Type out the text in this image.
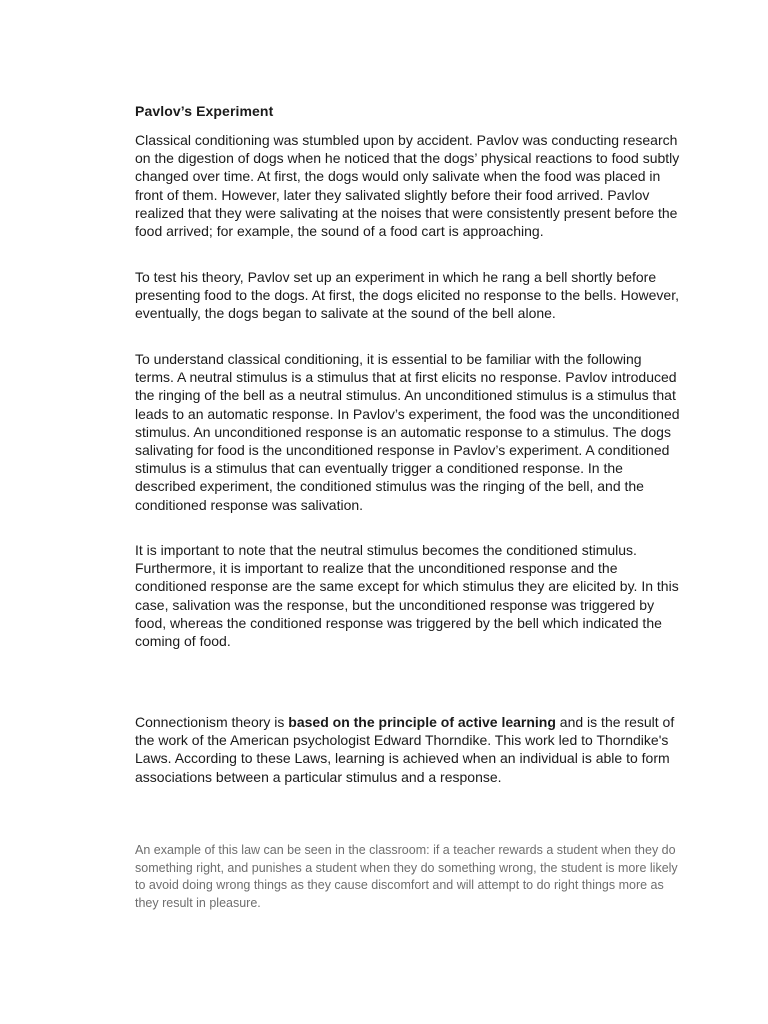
Pavlov’s Experiment

Classical conditioning was stumbled upon by accident. Pavlov was conducting research on the digestion of dogs when he noticed that the dogs’ physical reactions to food subtly changed over time. At first, the dogs would only salivate when the food was placed in front of them. However, later they salivated slightly before their food arrived. Pavlov realized that they were salivating at the noises that were consistently present before the food arrived; for example, the sound of a food cart is approaching.

To test his theory, Pavlov set up an experiment in which he rang a bell shortly before presenting food to the dogs. At first, the dogs elicited no response to the bells. However, eventually, the dogs began to salivate at the sound of the bell alone.

To understand classical conditioning, it is essential to be familiar with the following terms. A neutral stimulus is a stimulus that at first elicits no response. Pavlov introduced the ringing of the bell as a neutral stimulus. An unconditioned stimulus is a stimulus that leads to an automatic response. In Pavlov’s experiment, the food was the unconditioned stimulus. An unconditioned response is an automatic response to a stimulus. The dogs salivating for food is the unconditioned response in Pavlov’s experiment. A conditioned stimulus is a stimulus that can eventually trigger a conditioned response. In the described experiment, the conditioned stimulus was the ringing of the bell, and the conditioned response was salivation.

It is important to note that the neutral stimulus becomes the conditioned stimulus. Furthermore, it is important to realize that the unconditioned response and the conditioned response are the same except for which stimulus they are elicited by. In this case, salivation was the response, but the unconditioned response was triggered by food, whereas the conditioned response was triggered by the bell which indicated the coming of food.

Connectionism theory is based on the principle of active learning and is the result of the work of the American psychologist Edward Thorndike. This work led to Thorndike's Laws. According to these Laws, learning is achieved when an individual is able to form associations between a particular stimulus and a response.

An example of this law can be seen in the classroom: if a teacher rewards a student when they do something right, and punishes a student when they do something wrong, the student is more likely to avoid doing wrong things as they cause discomfort and will attempt to do right things more as they result in pleasure.
